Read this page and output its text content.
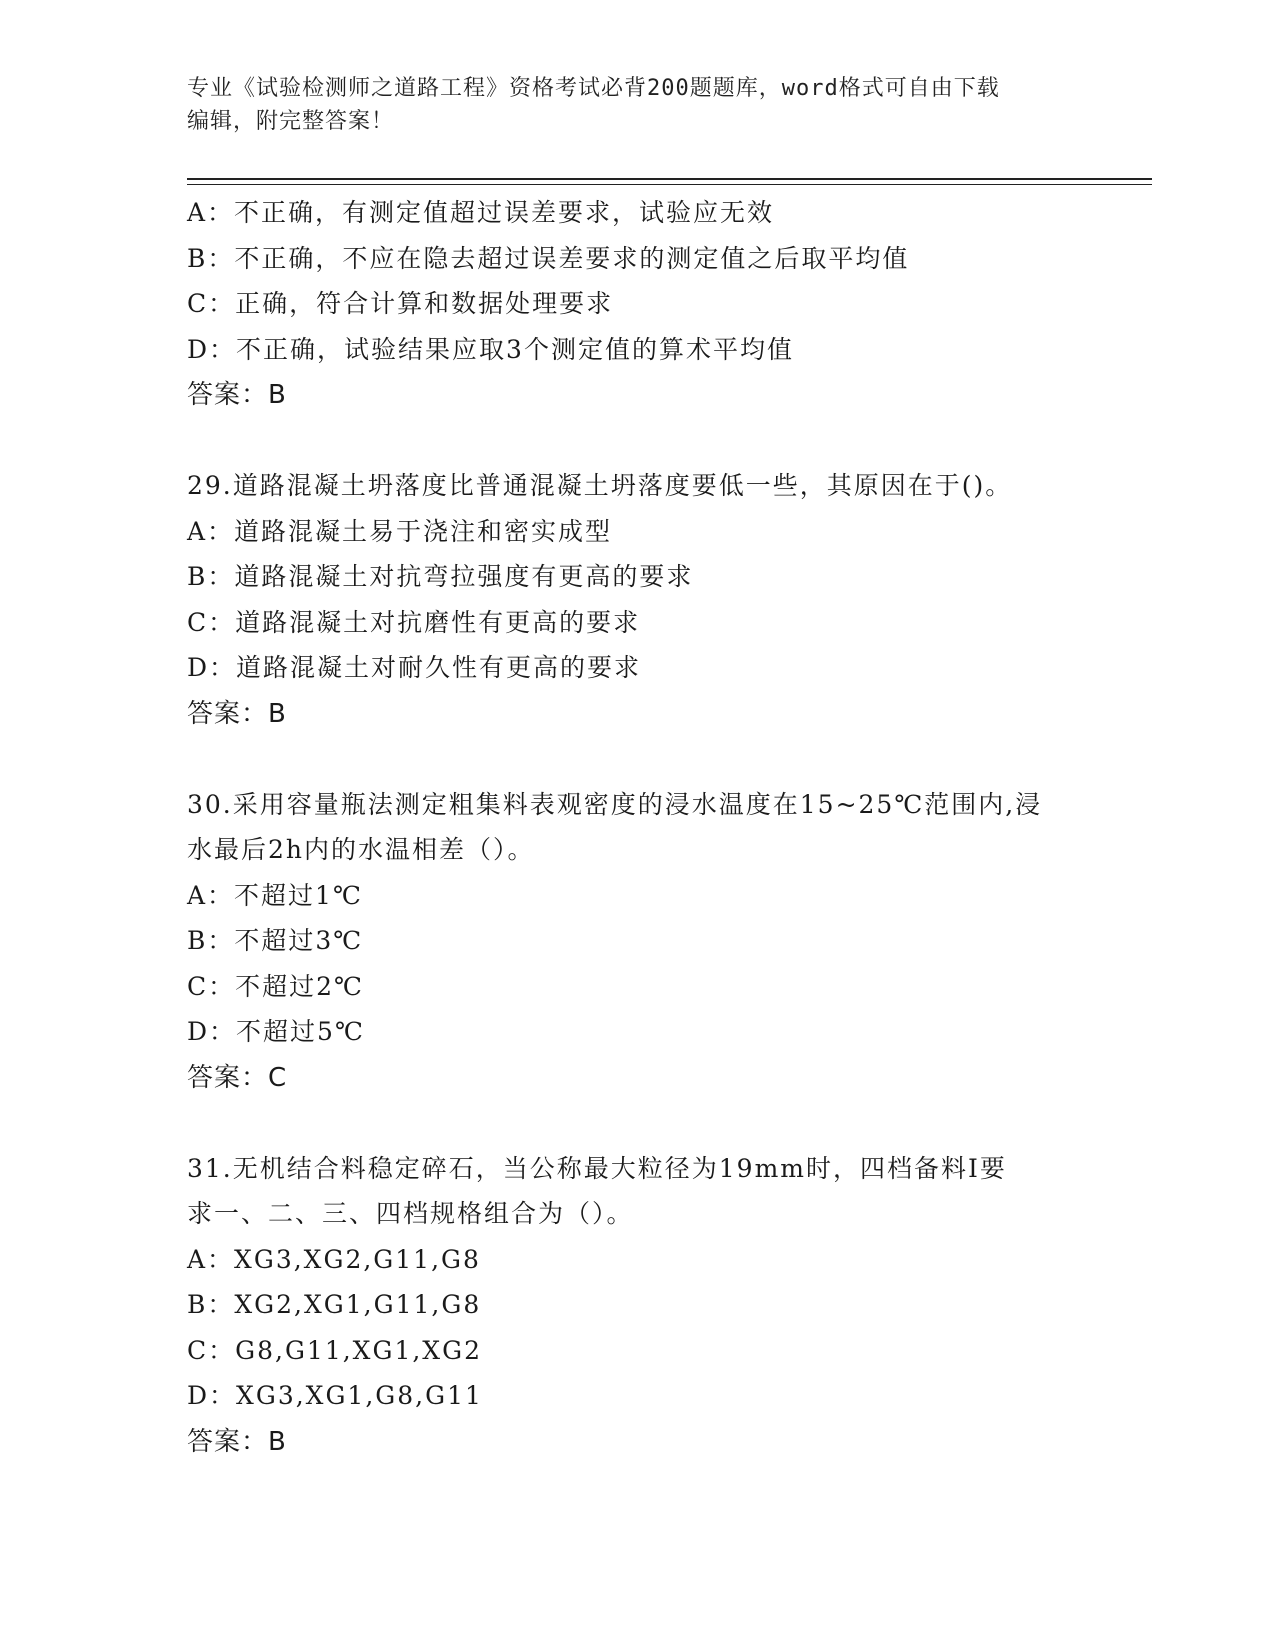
专业《试验检测师之道路工程》资格考试必背200题题库，word格式可自由下载
编辑，附完整答案！
A：不正确，有测定值超过误差要求，试验应无效
B：不正确，不应在隐去超过误差要求的测定值之后取平均值
C：正确，符合计算和数据处理要求
D：不正确，试验结果应取3个测定值的算术平均值
答案：B
29.道路混凝土坍落度比普通混凝土坍落度要低一些，其原因在于()。
A：道路混凝土易于浇注和密实成型
B：道路混凝土对抗弯拉强度有更高的要求
C：道路混凝土对抗磨性有更高的要求
D：道路混凝土对耐久性有更高的要求
答案：B
30.采用容量瓶法测定粗集料表观密度的浸水温度在15~25℃范围内,浸
水最后2h内的水温相差（）。
A：不超过1℃
B：不超过3℃
C：不超过2℃
D：不超过5℃
答案：C
31.无机结合料稳定碎石，当公称最大粒径为19mm时，四档备料I要
求一、二、三、四档规格组合为（）。
A：XG3,XG2,G11,G8
B：XG2,XG1,G11,G8
C：G8,G11,XG1,XG2
D：XG3,XG1,G8,G11
答案：B
